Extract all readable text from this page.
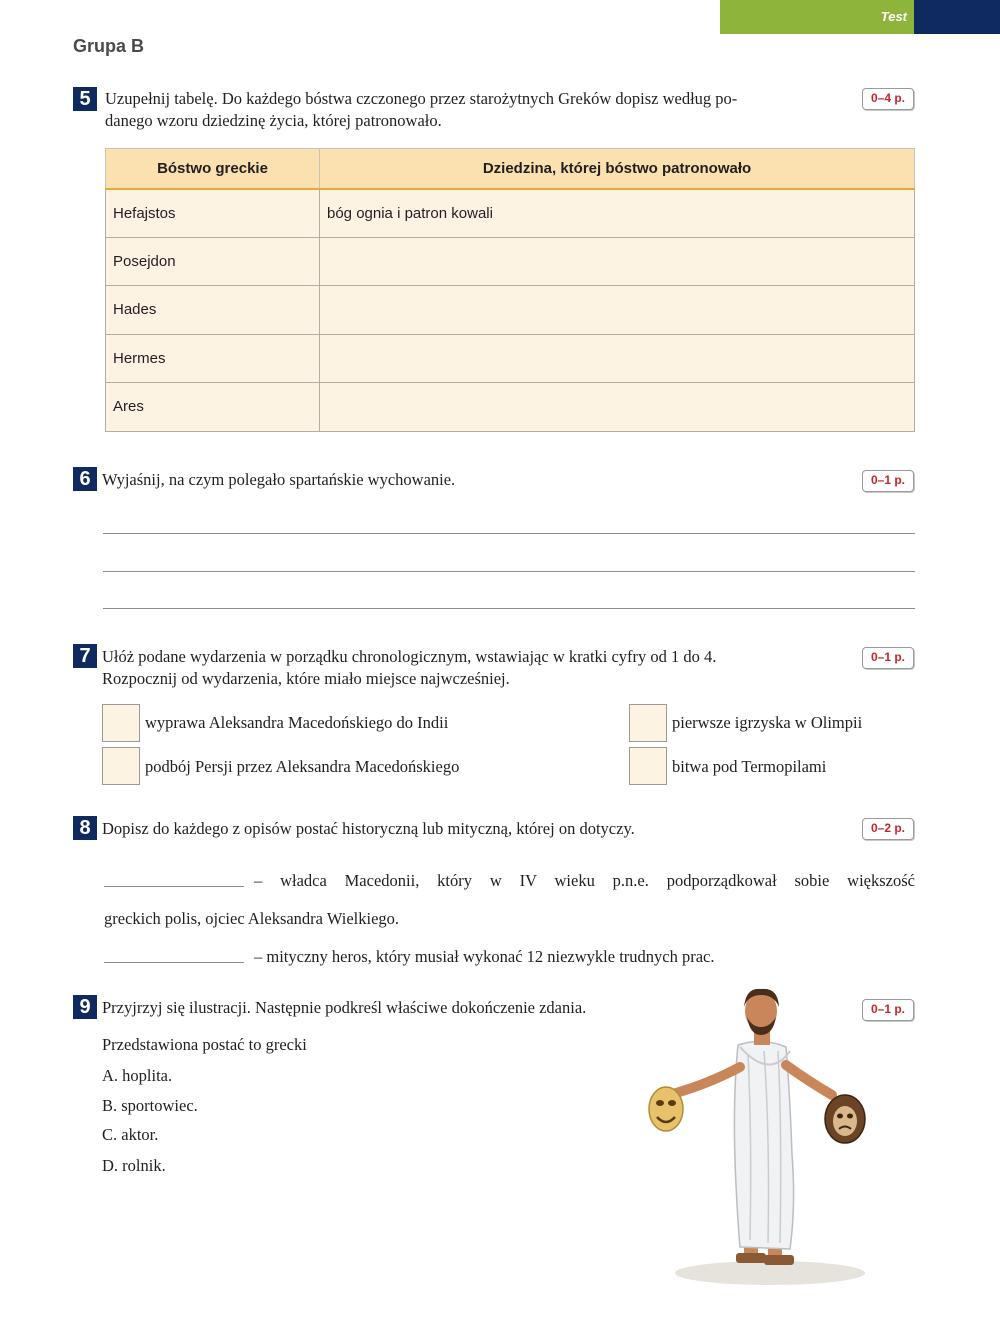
Test
Grupa B
5	0–4 p.
Uzupełnij tabelę. Do każdego bóstwa czczonego przez starożytnych Greków dopisz według po-
danego wzoru dziedzinę życia, której patronowało.
Bóstwo greckie	Dziedzina, której bóstwo patronowało
Hefajstos	bóg ognia i patron kowali
Posejdon	
Hades	
Hermes	
Ares	
6	0–1 p.
Wyjaśnij, na czym polegało spartańskie wychowanie.
7	0–1 p.
Ułóż podane wydarzenia w porządku chronologicznym, wstawiając w kratki cyfry od 1 do 4.
Rozpocznij od wydarzenia, które miało miejsce najwcześniej.
wyprawa Aleksandra Macedońskiego do Indii	pierwsze igrzyska w Olimpii
podbój Persji przez Aleksandra Macedońskiego	bitwa pod Termopilami
8	0–2 p.
Dopisz do każdego z opisów postać historyczną lub mityczną, której on dotyczy.
– władca Macedonii, który w IV wieku p.n.e. podporządkował sobie większość
greckich polis, ojciec Aleksandra Wielkiego.
– mityczny heros, który musiał wykonać 12 niezwykle trudnych prac.
9	0–1 p.
Przyjrzyj się ilustracji. Następnie podkreśl właściwe dokończenie zdania.
Przedstawiona postać to grecki
A. hoplita.
B. sportowiec.
C. aktor.
D. rolnik.
